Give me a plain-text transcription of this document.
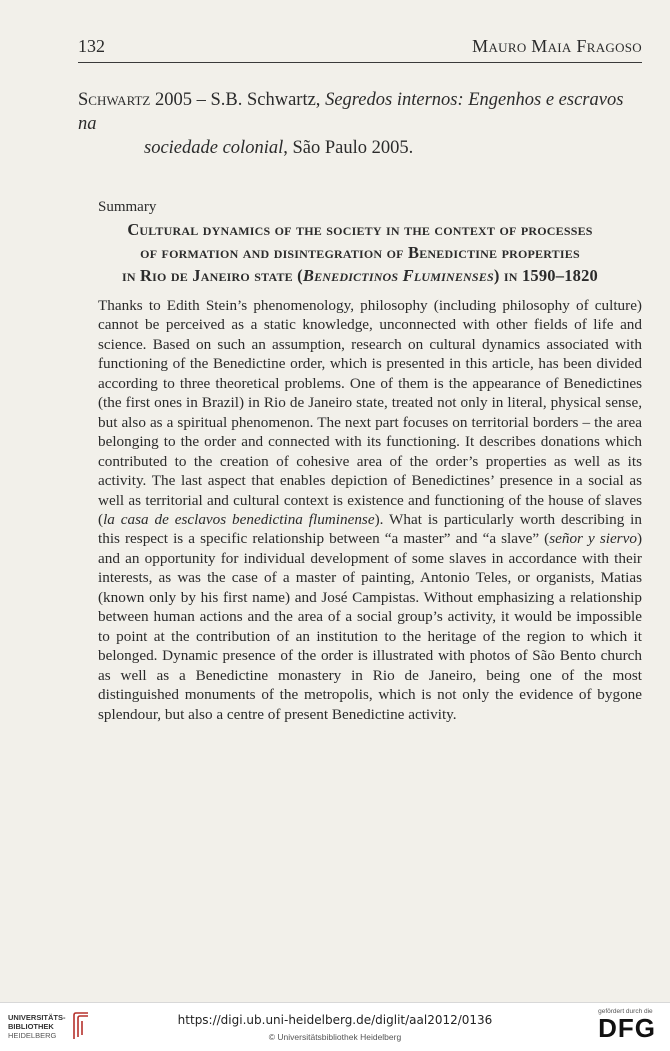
132	Mauro Maia Fragoso
Schwartz 2005 – S.B. Schwartz, Segredos internos: Engenhos e escravos na
sociedade colonial, São Paulo 2005.
Summary
Cultural dynamics of the society in the context of processes
of formation and disintegration of Benedictine properties
in Rio de Janeiro state (Benedictinos Fluminenses) in 1590–1820

Thanks to Edith Stein’s phenomenology, philosophy (including philosophy of culture) cannot be perceived as a static knowledge, unconnected with other fields of life and science. Based on such an assumption, research on cultural dynamics associated with functioning of the Benedictine order, which is presented in this article, has been divided according to three theoretical problems. One of them is the appearance of Benedictines (the first ones in Brazil) in Rio de Janeiro state, treated not only in literal, physical sense, but also as a spiritual phenomenon. The next part focuses on territorial borders – the area belonging to the order and connected with its functioning. It describes donations which contributed to the creation of cohesive area of the order’s properties as well as its activity. The last aspect that enables depiction of Benedictines’ presence in a social as well as territorial and cultural context is existence and functioning of the house of slaves (la casa de esclavos benedictina fluminense). What is particularly worth describing in this respect is a specific relationship between “a master” and “a slave” (señor y siervo) and an opportunity for individual development of some slaves in accordance with their interests, as was the case of a master of painting, Antonio Teles, or organists, Matias (known only by his first name) and José Campistas. Without emphasizing a relationship between human actions and the area of a social group’s activity, it would be impossible to point at the contribution of an institution to the heritage of the region to which it belonged. Dynamic presence of the order is illustrated with photos of São Bento church as well as a Benedictine monastery in Rio de Janeiro, being one of the most distinguished monuments of the metropolis, which is not only the evidence of bygone splendour, but also a centre of present Benedictine activity.

UNIVERSITÄTS-
BIBLIOTHEK
HEIDELBERG
https://digi.ub.uni-heidelberg.de/diglit/aal2012/0136
© Universitätsbibliothek Heidelberg
gefördert durch die
DFG
